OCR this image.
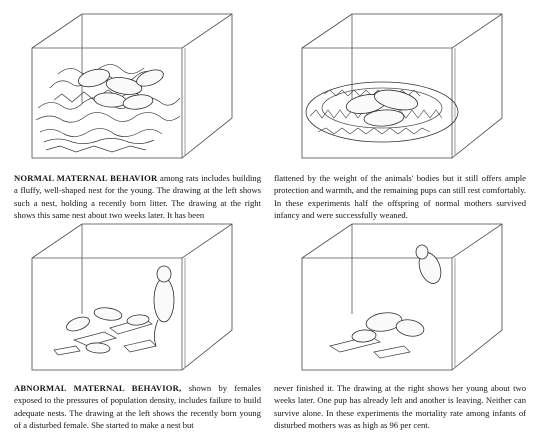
NORMAL MATERNAL BEHAVIOR among rats includes building a fluffy, well-shaped nest for the young. The drawing at the left shows such a nest, holding a recently born litter. The drawing at the right shows this same nest about two weeks later. It has been

flattened by the weight of the animals' bodies but it still offers ample protection and warmth, and the remaining pups can still rest comfortably. In these experiments half the offspring of normal mothers survived infancy and were successfully weaned.

ABNORMAL MATERNAL BEHAVIOR, shown by females exposed to the pressures of population density, includes failure to build adequate nests. The drawing at the left shows the recently born young of a disturbed female. She started to make a nest but

never finished it. The drawing at the right shows her young about two weeks later. One pup has already left and another is leaving. Neither can survive alone. In these experiments the mortality rate among infants of disturbed mothers was as high as 96 per cent.
